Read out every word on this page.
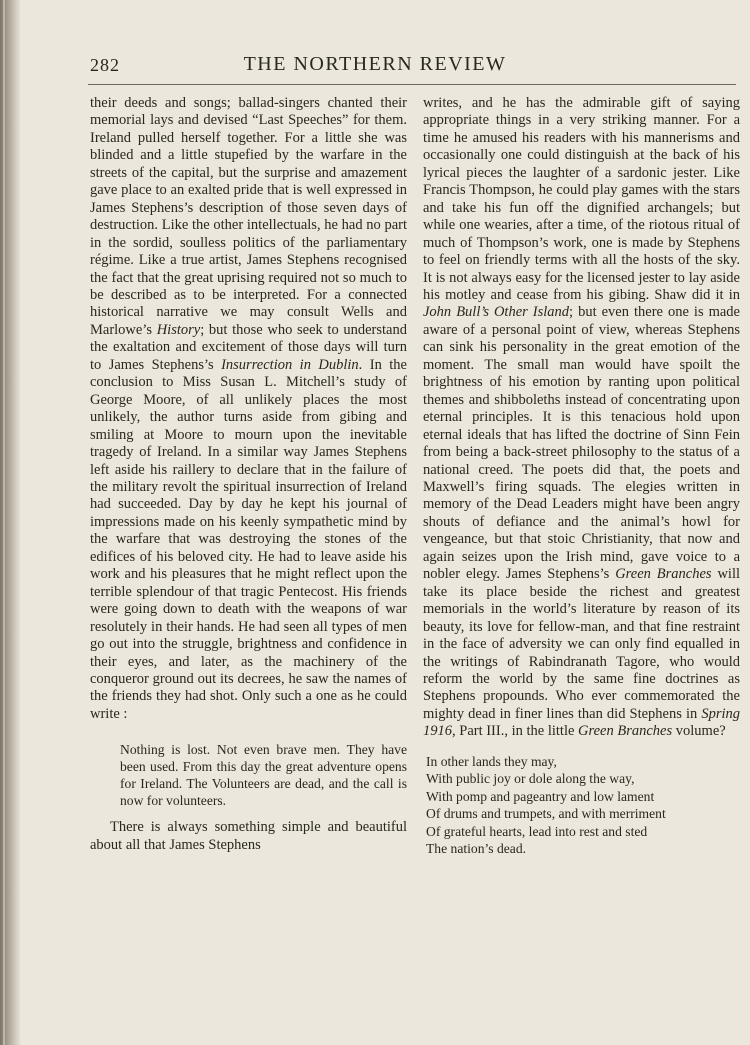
282	THE NORTHERN REVIEW

their deeds and songs; ballad-singers chanted their memorial lays and devised “Last Speeches” for them. Ireland pulled herself together. For a little she was blinded and a little stupefied by the warfare in the streets of the capital, but the surprise and amazement gave place to an exalted pride that is well expressed in James Stephens’s description of those seven days of destruction. Like the other intellectuals, he had no part in the sordid, soulless politics of the parliamentary régime. Like a true artist, James Stephens recognised the fact that the great uprising required not so much to be described as to be interpreted. For a connected historical narrative we may consult Wells and Marlowe’s History; but those who seek to understand the exaltation and excitement of those days will turn to James Stephens’s Insurrection in Dublin. In the conclusion to Miss Susan L. Mitchell’s study of George Moore, of all unlikely places the most unlikely, the author turns aside from gibing and smiling at Moore to mourn upon the inevitable tragedy of Ireland. In a similar way James Stephens left aside his raillery to declare that in the failure of the military revolt the spiritual insurrection of Ireland had succeeded. Day by day he kept his journal of impressions made on his keenly sympathetic mind by the warfare that was destroying the stones of the edifices of his beloved city. He had to leave aside his work and his pleasures that he might reflect upon the terrible splendour of that tragic Pentecost. His friends were going down to death with the weapons of war resolutely in their hands. He had seen all types of men go out into the struggle, brightness and confidence in their eyes, and later, as the machinery of the conqueror ground out its decrees, he saw the names of the friends they had shot. Only such a one as he could write :

Nothing is lost. Not even brave men. They have been used. From this day the great adventure opens for Ireland. The Volunteers are dead, and the call is now for volunteers.

There is always something simple and beautiful about all that James Stephens

writes, and he has the admirable gift of saying appropriate things in a very striking manner. For a time he amused his readers with his mannerisms and occasionally one could distinguish at the back of his lyrical pieces the laughter of a sardonic jester. Like Francis Thompson, he could play games with the stars and take his fun off the dignified archangels; but while one wearies, after a time, of the riotous ritual of much of Thompson’s work, one is made by Stephens to feel on friendly terms with all the hosts of the sky. It is not always easy for the licensed jester to lay aside his motley and cease from his gibing. Shaw did it in John Bull’s Other Island; but even there one is made aware of a personal point of view, whereas Stephens can sink his personality in the great emotion of the moment. The small man would have spoilt the brightness of his emotion by ranting upon political themes and shibboleths instead of concentrating upon eternal principles. It is this tenacious hold upon eternal ideals that has lifted the doctrine of Sinn Fein from being a back-street philosophy to the status of a national creed. The poets did that, the poets and Maxwell’s firing squads. The elegies written in memory of the Dead Leaders might have been angry shouts of defiance and the animal’s howl for vengeance, but that stoic Christianity, that now and again seizes upon the Irish mind, gave voice to a nobler elegy. James Stephens’s Green Branches will take its place beside the richest and greatest memorials in the world’s literature by reason of its beauty, its love for fellow-man, and that fine restraint in the face of adversity we can only find equalled in the writings of Rabindranath Tagore, who would reform the world by the same fine doctrines as Stephens propounds. Who ever commemorated the mighty dead in finer lines than did Stephens in Spring 1916, Part III., in the little Green Branches volume?

In other lands they may,
With public joy or dole along the way,
With pomp and pageantry and low lament
Of drums and trumpets, and with merriment
Of grateful hearts, lead into rest and sted
The nation’s dead.
